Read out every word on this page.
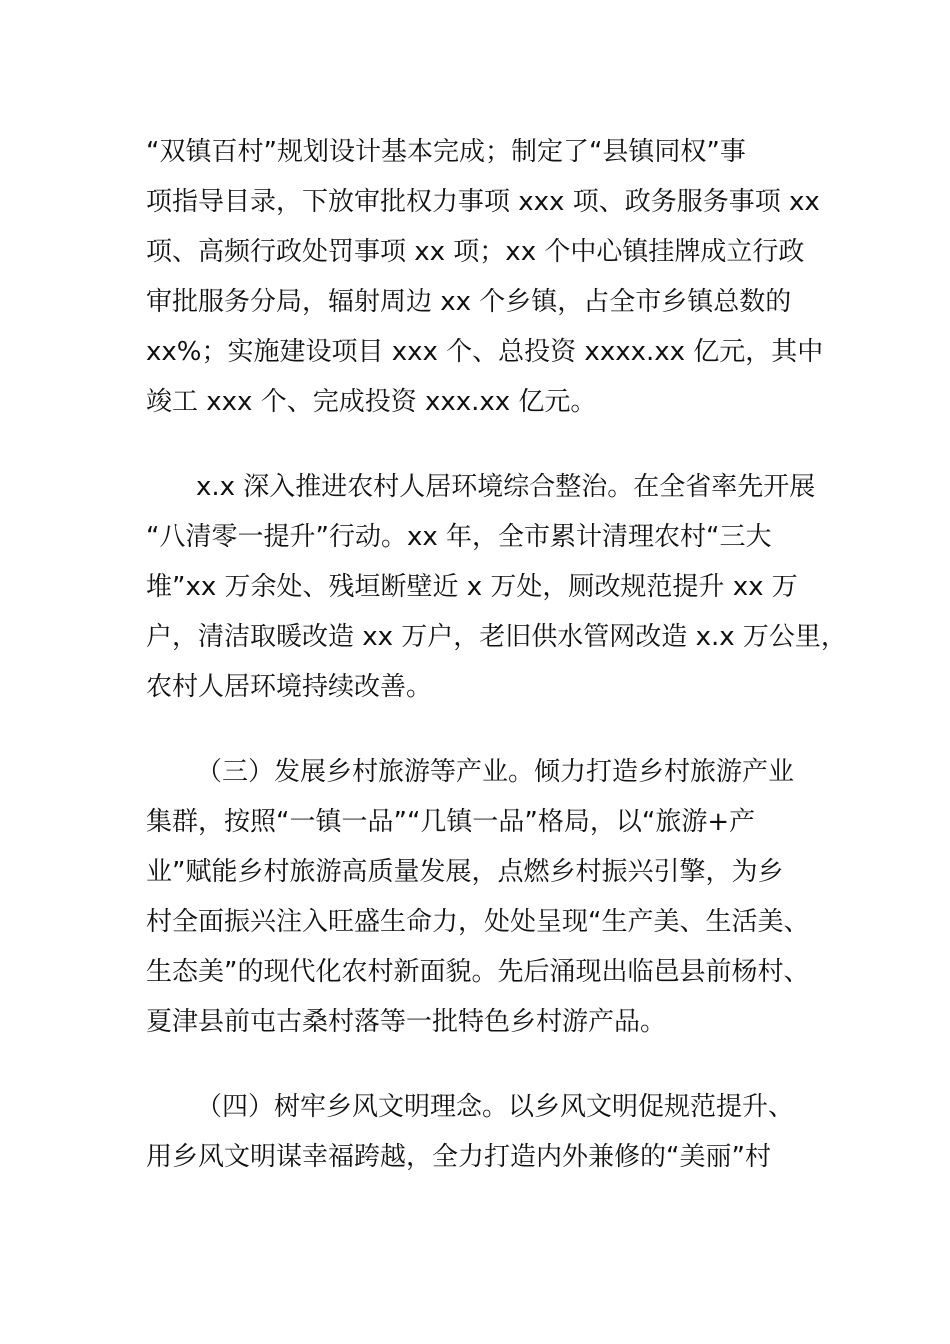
“双镇百村”规划设计基本完成；制定了“县镇同权”事
项指导目录，下放审批权力事项 xxx 项、政务服务事项 xx
项、高频行政处罚事项 xx 项；xx 个中心镇挂牌成立行政
审批服务分局，辐射周边 xx 个乡镇，占全市乡镇总数的
xx%；实施建设项目 xxx 个、总投资 xxxx.xx 亿元，其中
竣工 xxx 个、完成投资 xxx.xx 亿元。
x.x 深入推进农村人居环境综合整治。在全省率先开展
“八清零一提升”行动。xx 年，全市累计清理农村“三大
堆”xx 万余处、残垣断壁近 x 万处，厕改规范提升 xx 万
户，清洁取暖改造 xx 万户，老旧供水管网改造 x.x 万公里，
农村人居环境持续改善。
（三）发展乡村旅游等产业。倾力打造乡村旅游产业
集群，按照“一镇一品”“几镇一品”格局，以“旅游+产
业”赋能乡村旅游高质量发展，点燃乡村振兴引擎，为乡
村全面振兴注入旺盛生命力，处处呈现“生产美、生活美、
生态美”的现代化农村新面貌。先后涌现出临邑县前杨村、
夏津县前屯古桑村落等一批特色乡村游产品。
（四）树牢乡风文明理念。以乡风文明促规范提升、
用乡风文明谋幸福跨越，全力打造内外兼修的“美丽”村
